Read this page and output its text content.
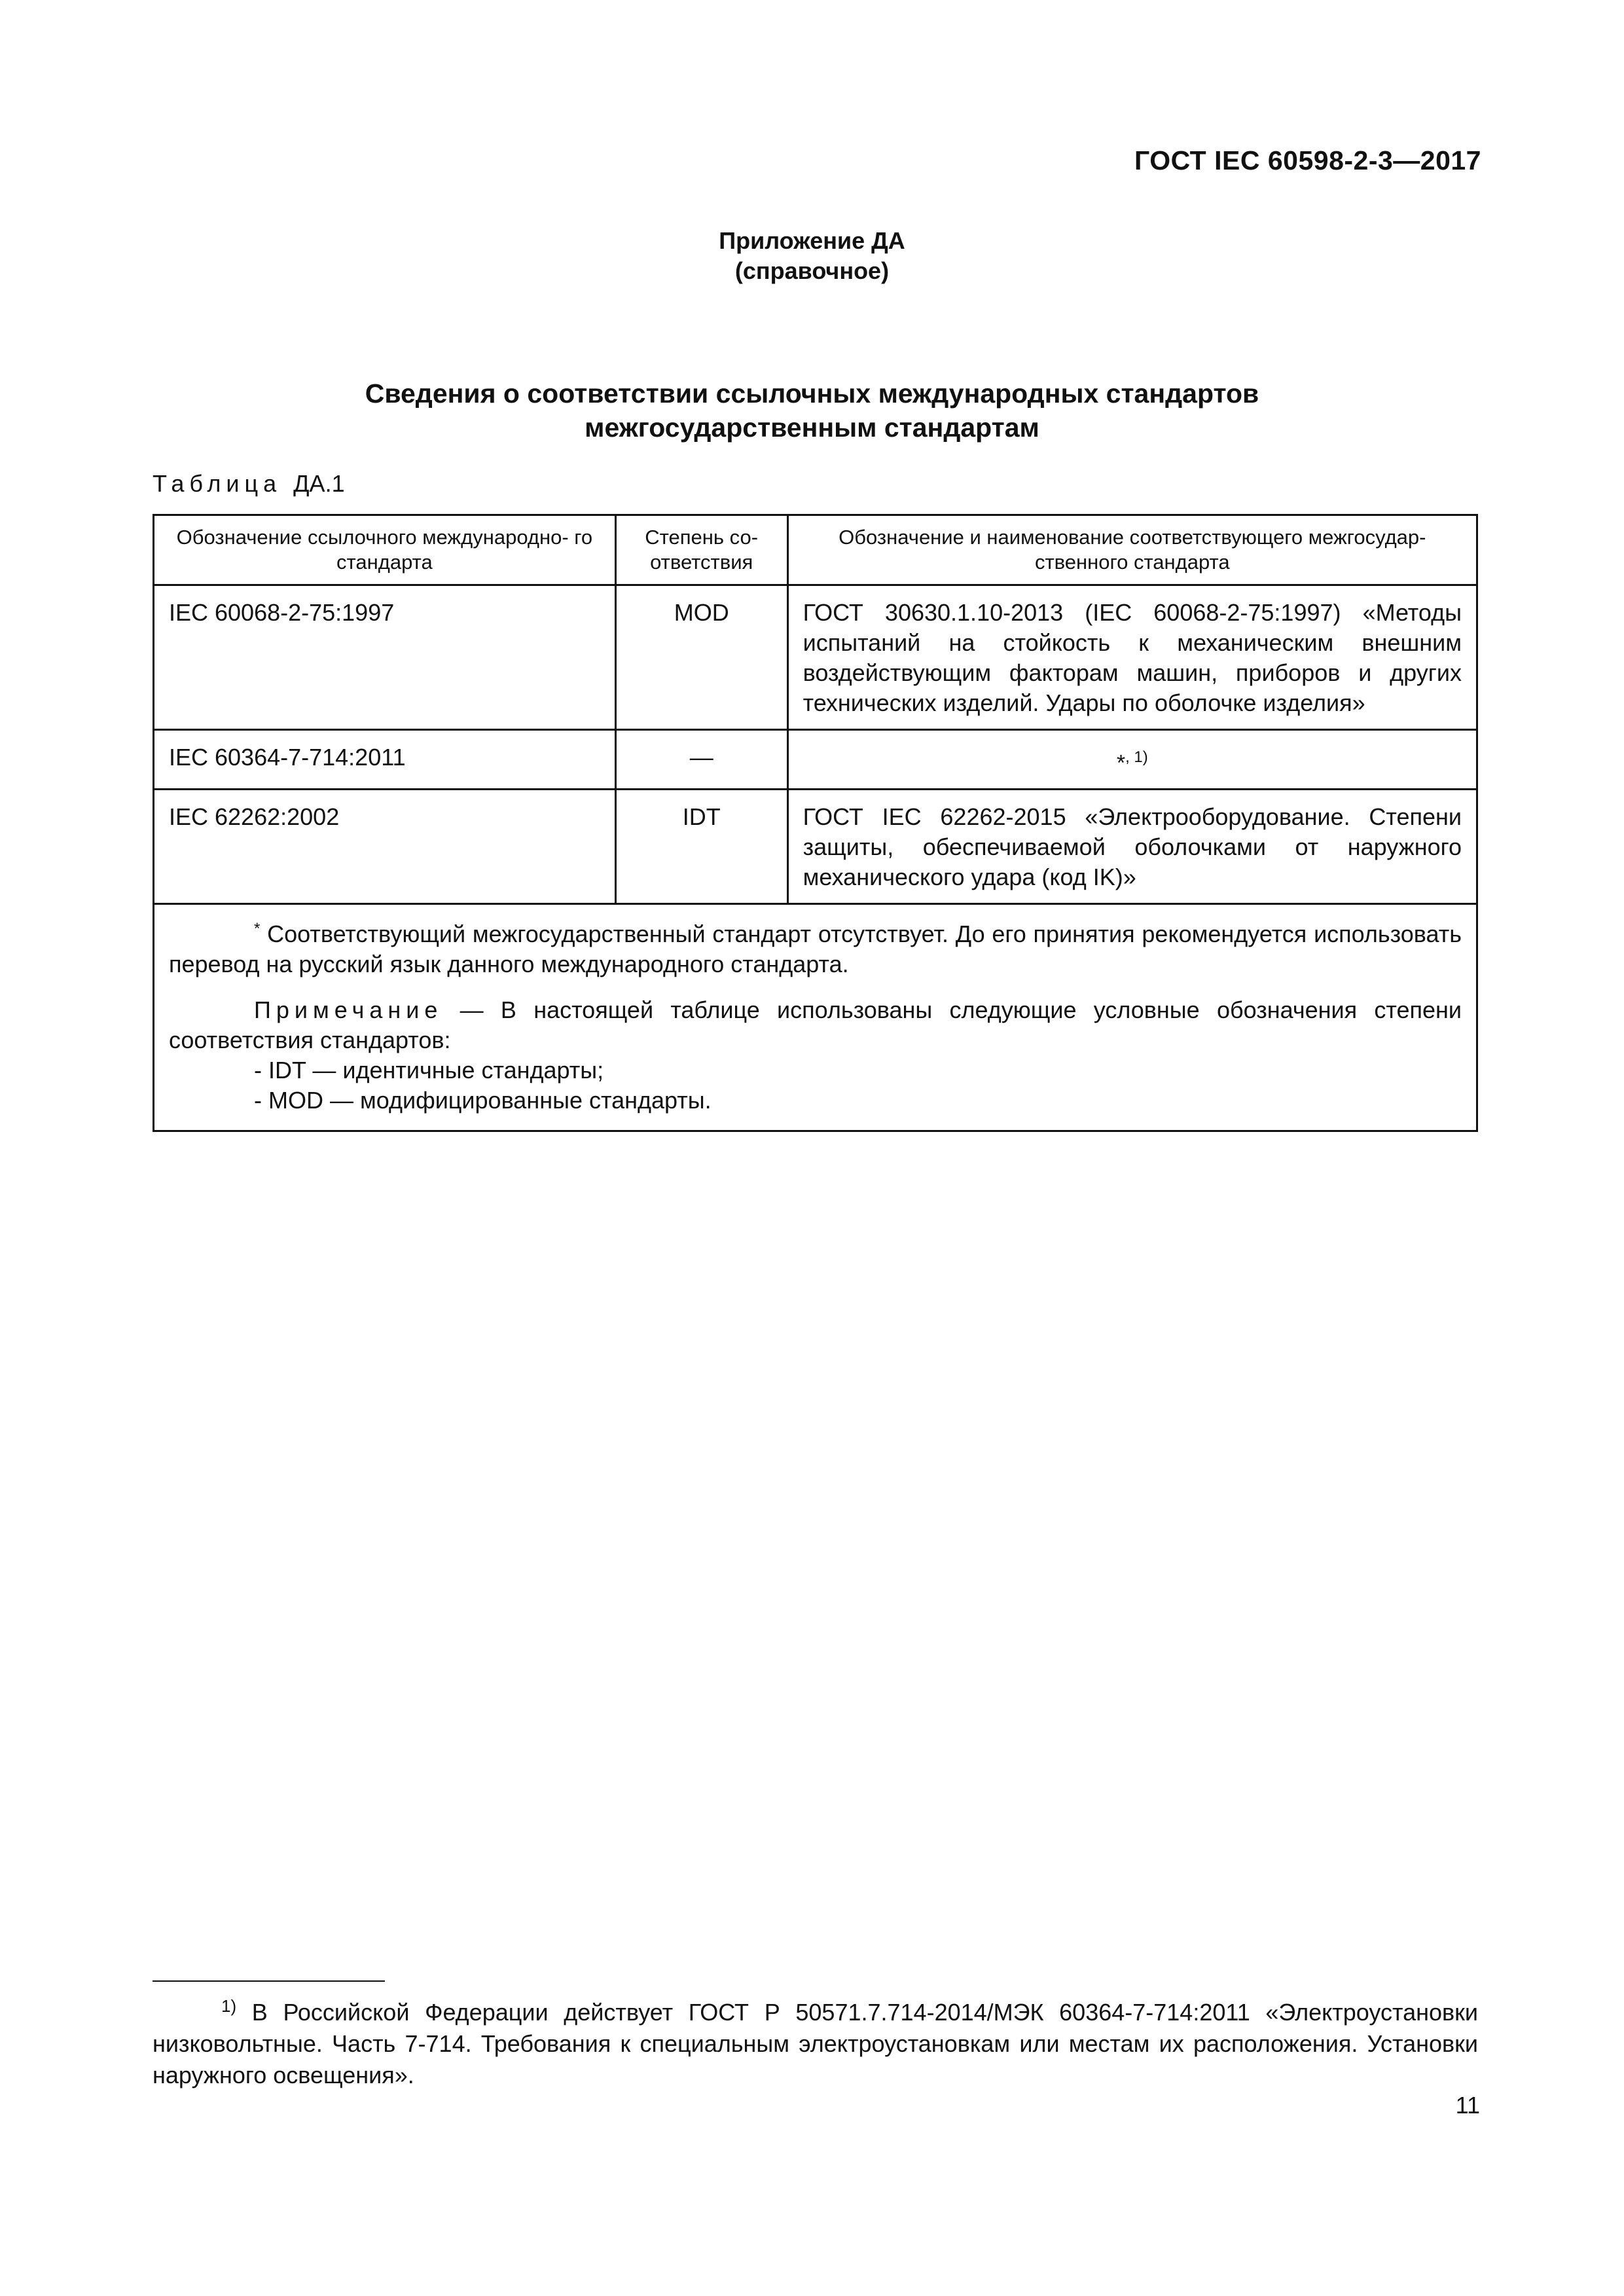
ГОСТ IEC 60598-2-3—2017
Приложение ДА
(справочное)
Сведения о соответствии ссылочных международных стандартов
межгосударственным стандартам
Таблица ДА.1
Обозначение ссылочного международно- го стандарта	Степень со- ответствия	Обозначение и наименование соответствующего межгосудар- ственного стандарта
IEC 60068-2-75:1997	MOD	ГОСТ 30630.1.10-2013 (IEC 60068-2-75:1997) «Методы испытаний на стойкость к механическим внешним воздействующим факторам машин, приборов и других технических изделий. Удары по оболочке изделия»
IEC 60364-7-714:2011	—	*$^{, 1)}$
IEC 62262:2002	IDT	ГОСТ IEC 62262-2015 «Электрооборудование. Степени защиты, обеспечиваемой оболочками от наружного механического удара (код IK)»

* Соответствующий межгосударственный стандарт отсутствует. До его принятия рекомендуется использовать перевод на русский язык данного международного стандарта.

Примечание — В настоящей таблице использованы следующие условные обозначения степени соответствия стандартов:

- IDT — идентичные стандарты;
- MOD — модифицированные стандарты.		
$^{1)}$ В Российской Федерации действует ГОСТ Р 50571.7.714-2014/МЭК 60364-7-714:2011 «Электроустановки низковольтные. Часть 7-714. Требования к специальным электроустановкам или местам их расположения. Установки наружного освещения».
11
